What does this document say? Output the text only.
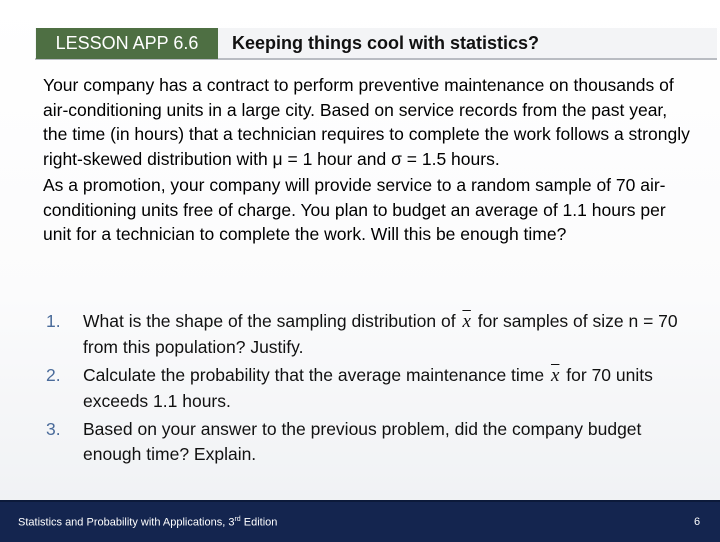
LESSON APP 6.6	Keeping things cool with statistics?

Your company has a contract to perform preventive maintenance on thousands of air-conditioning units in a large city. Based on service records from the past year, the time (in hours) that a technician requires to complete the work follows a strongly right-skewed distribution with μ = 1 hour and σ = 1.5 hours.

As a promotion, your company will provide service to a random sample of 70 air-conditioning units free of charge. You plan to budget an average of 1.1 hours per unit for a technician to complete the work. Will this be enough time?

1. What is the shape of the sampling distribution of $\overline{x}$ for samples of size n = 70 from this population? Justify.
2. Calculate the probability that the average maintenance time $\overline{x}$ for 70 units exceeds 1.1 hours.
3. Based on your answer to the previous problem, did the company budget enough time? Explain.
Statistics and Probability with Applications, 3rd Edition	6
